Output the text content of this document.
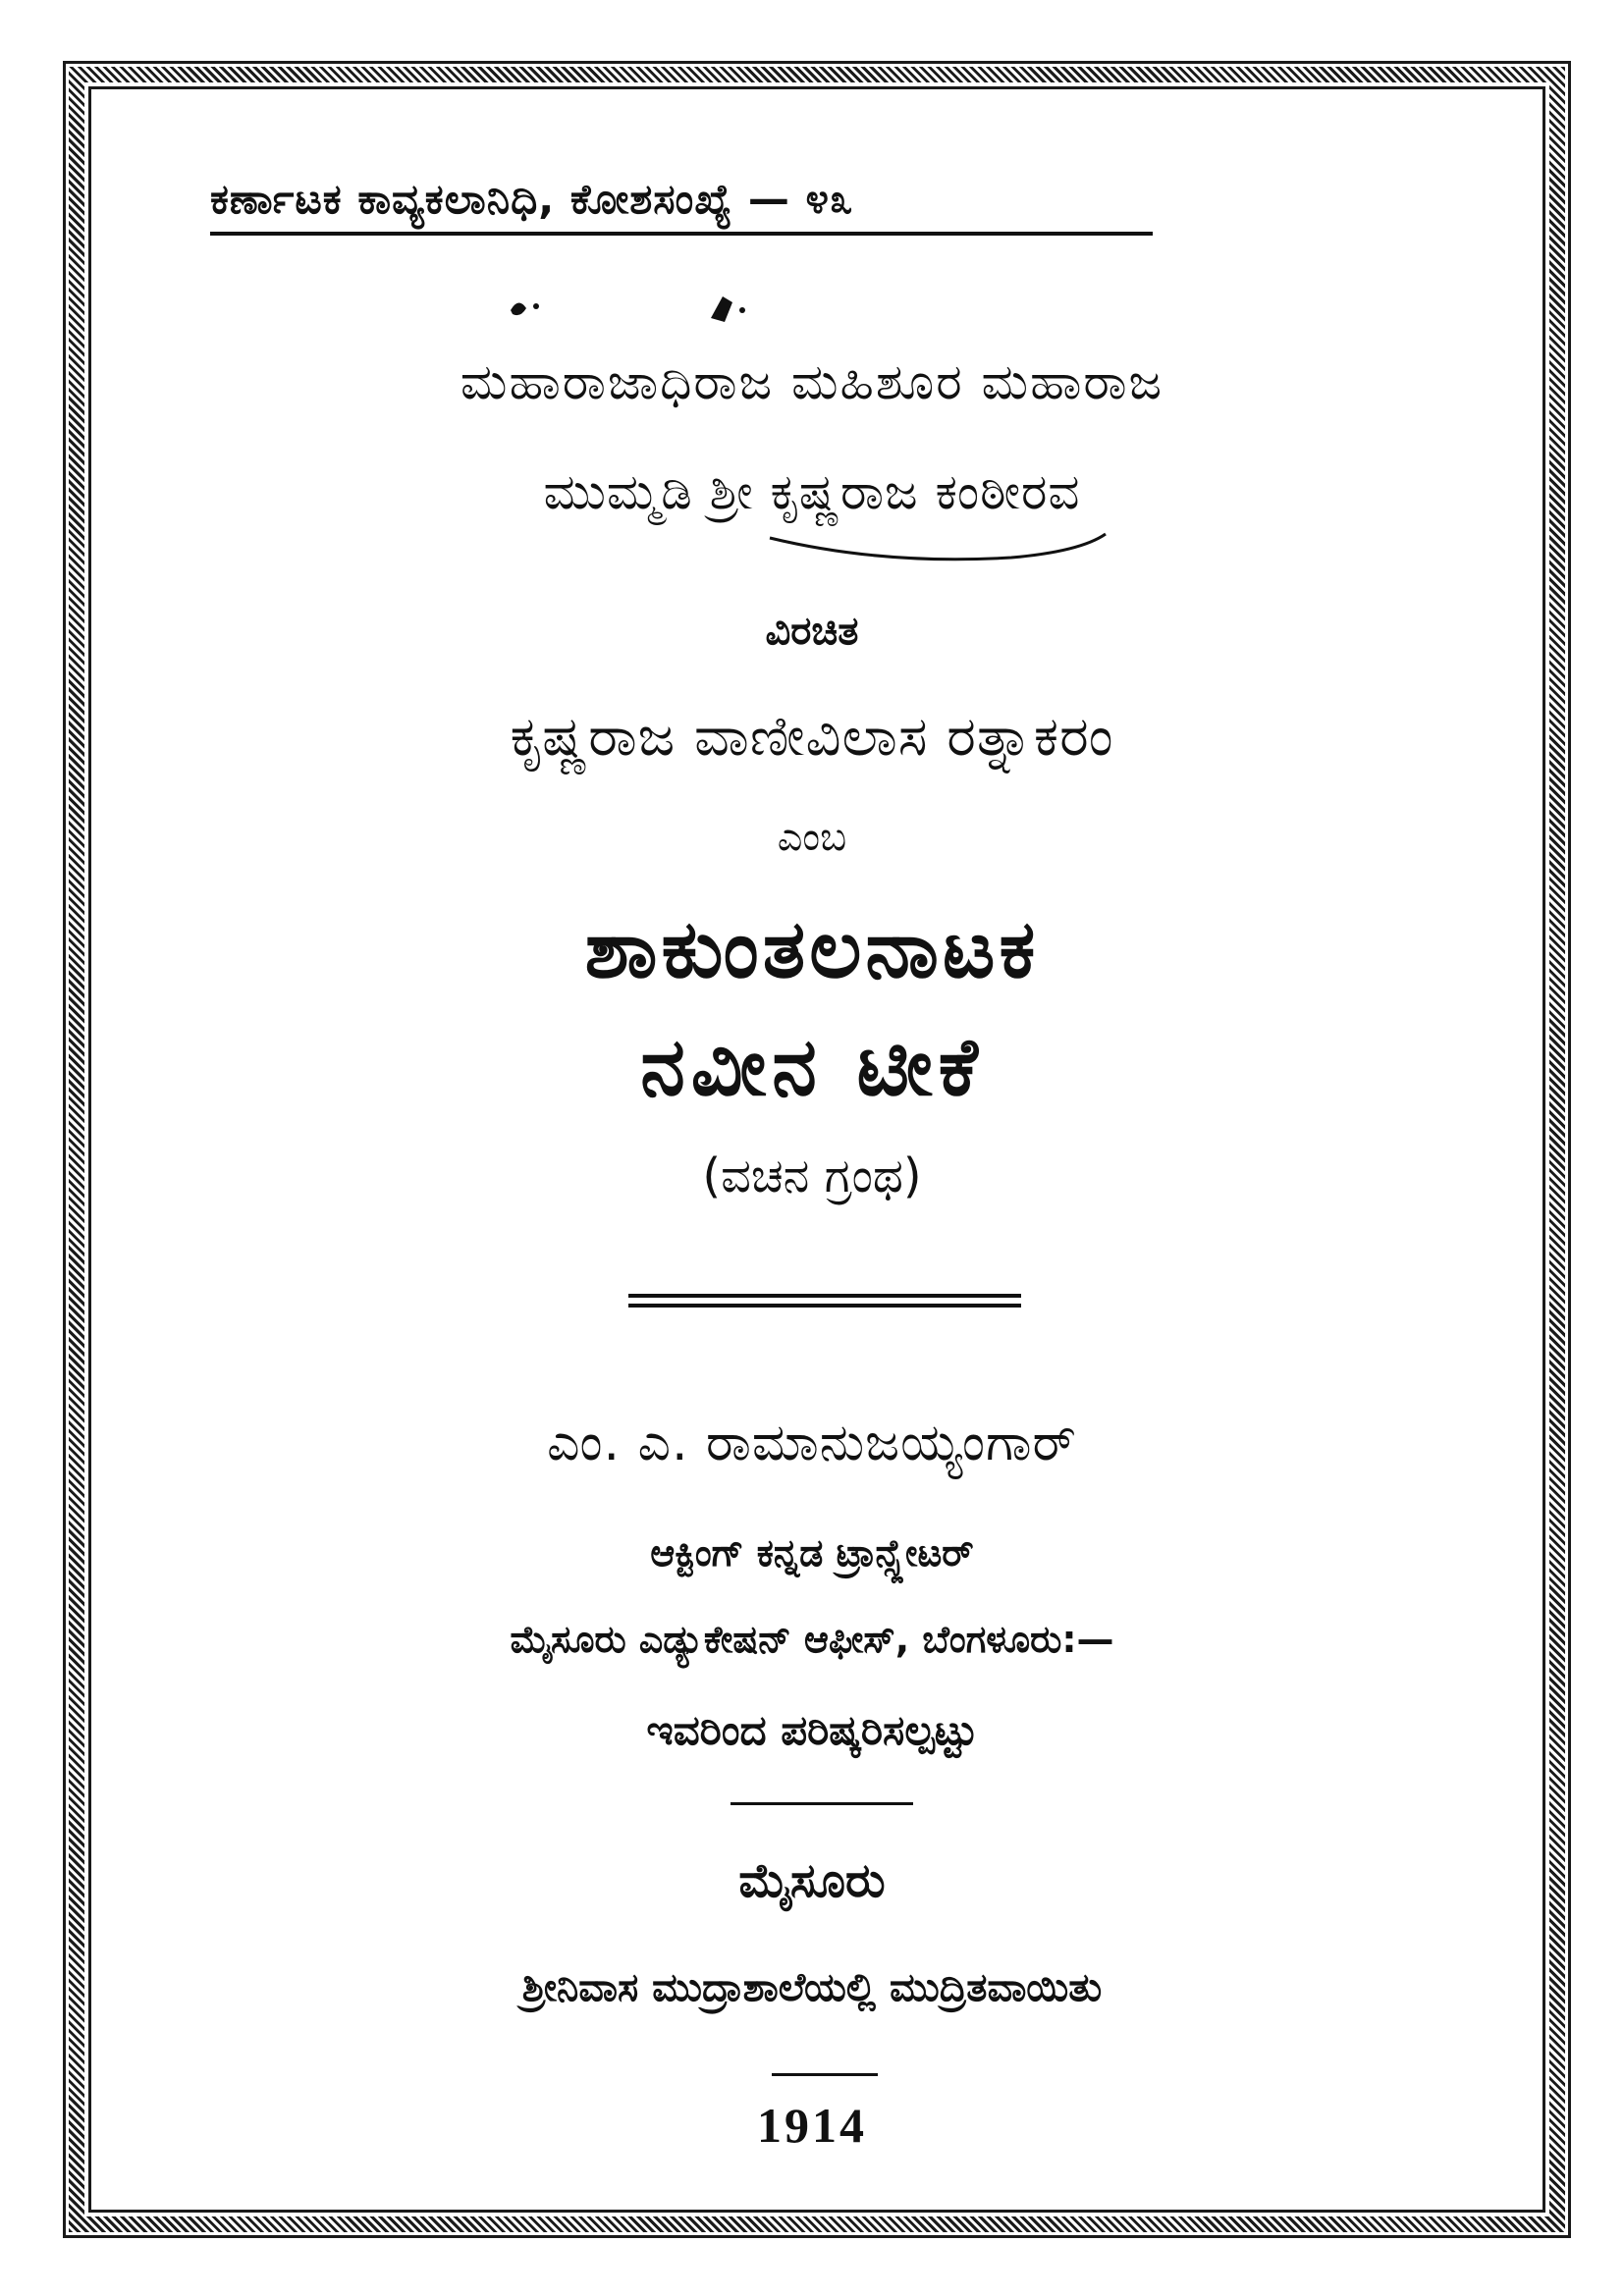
ಕರ್ಣಾಟಕ ಕಾವ್ಯಕಲಾನಿಧಿ, ಕೋಶಸಂಖ್ಯೆ — ೪೩
ಮಹಾರಾಜಾಧಿರಾಜ ಮಹಿಶೂರ ಮಹಾರಾಜ
ಮುಮ್ಮಡಿ ಶ್ರೀ ಕೃಷ್ಣರಾಜ ಕಂಠೀರವ
ವಿರಚಿತ
ಕೃಷ್ಣರಾಜ ವಾಣೀವಿಲಾಸ ರತ್ನಾಕರಂ
ಎಂಬ
ಶಾಕುಂತಲನಾಟಕ
ನವೀನ ಟೀಕೆ
(ವಚನ ಗ್ರಂಥ)
ಎಂ. ಎ. ರಾಮಾನುಜಯ್ಯಂಗಾರ್
ಆಕ್ಟಿಂಗ್ ಕನ್ನಡ ಟ್ರಾನ್ಸ್ಲೇಟರ್
ಮೈಸೂರು ಎಡ್ಯುಕೇಷನ್ ಆಫೀಸ್, ಬೆಂಗಳೂರು:—
ಇವರಿಂದ ಪರಿಷ್ಕರಿಸಲ್ಪಟ್ಟು
ಮೈಸೂರು
ಶ್ರೀನಿವಾಸ ಮುದ್ರಾಶಾಲೆಯಲ್ಲಿ ಮುದ್ರಿತವಾಯಿತು
1914
